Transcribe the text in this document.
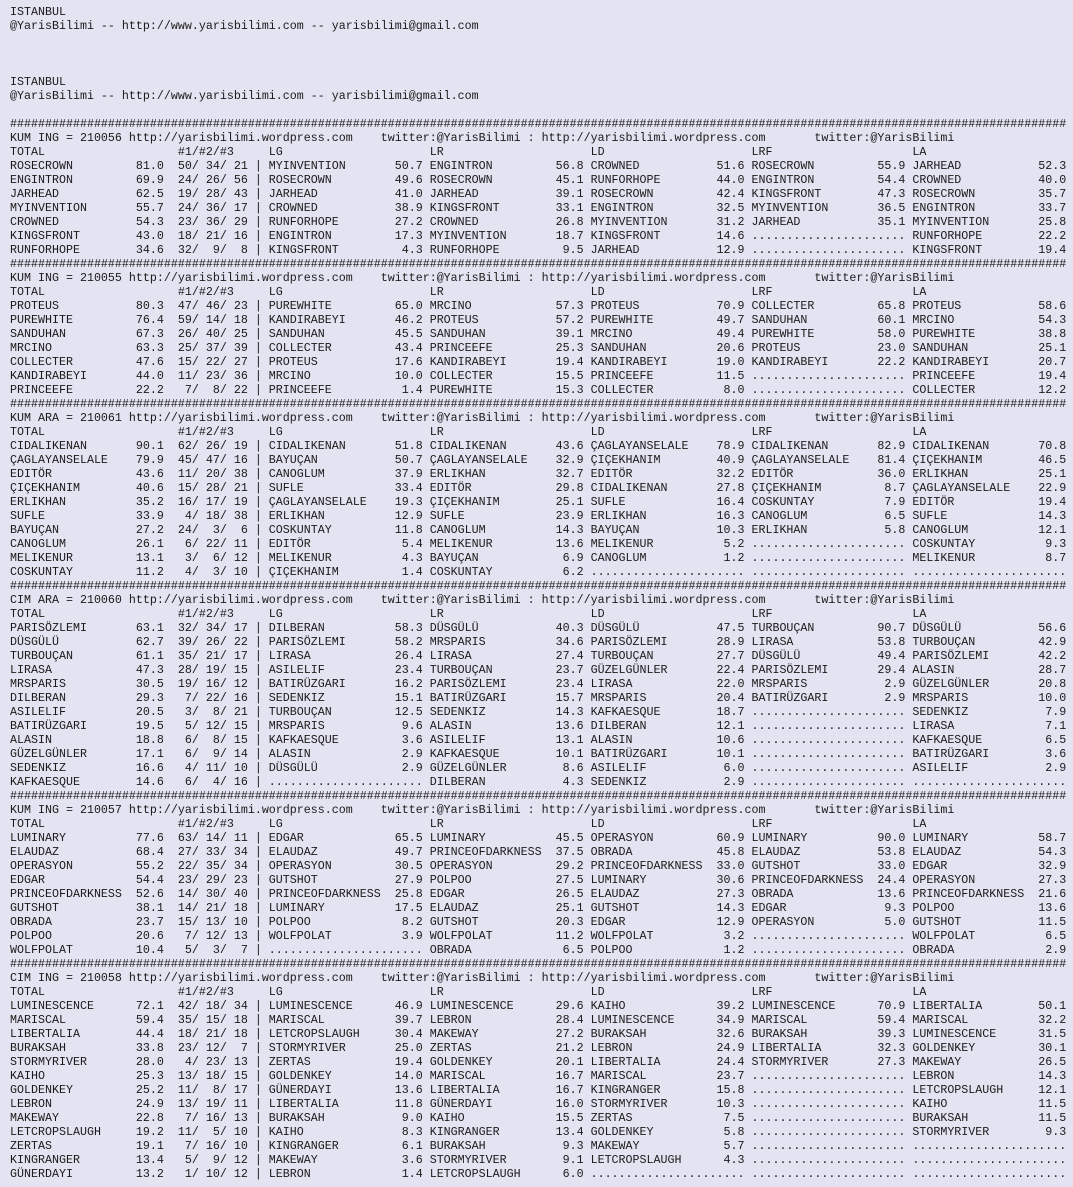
ISTANBUL
@YarisBilimi -- http://www.yarisbilimi.com -- yarisbilimi@gmail.com
ISTANBUL
@YarisBilimi -- http://www.yarisbilimi.com -- yarisbilimi@gmail.com
#######################################################################################################################################################
KUM ING = 210056 http://yarisbilimi.wordpress.com    twitter:@YarisBilimi : http://yarisbilimi.wordpress.com       twitter:@YarisBilimi
TOTAL                   #1/#2/#3     LG                     LR                     LD                     LRF                    LA
ROSECROWN         81.0  50/ 34/ 21 | MYINVENTION       50.7 ENGINTRON         56.8 CROWNED           51.6 ROSECROWN         55.9 JARHEAD           52.3
ENGINTRON         69.9  24/ 26/ 56 | ROSECROWN         49.6 ROSECROWN         45.1 RUNFORHOPE        44.0 ENGINTRON         54.4 CROWNED           40.0
JARHEAD           62.5  19/ 28/ 43 | JARHEAD           41.0 JARHEAD           39.1 ROSECROWN         42.4 KINGSFRONT        47.3 ROSECROWN         35.7
MYINVENTION       55.7  24/ 36/ 17 | CROWNED           38.9 KINGSFRONT        33.1 ENGINTRON         32.5 MYINVENTION       36.5 ENGINTRON         33.7
CROWNED           54.3  23/ 36/ 29 | RUNFORHOPE        27.2 CROWNED           26.8 MYINVENTION       31.2 JARHEAD           35.1 MYINVENTION       25.8
KINGSFRONT        43.0  18/ 21/ 16 | ENGINTRON         17.3 MYINVENTION       18.7 KINGSFRONT        14.6 ...................... RUNFORHOPE        22.2
RUNFORHOPE        34.6  32/  9/  8 | KINGSFRONT         4.3 RUNFORHOPE         9.5 JARHEAD           12.9 ...................... KINGSFRONT        19.4
#######################################################################################################################################################
KUM ING = 210055 http://yarisbilimi.wordpress.com    twitter:@YarisBilimi : http://yarisbilimi.wordpress.com       twitter:@YarisBilimi
TOTAL                   #1/#2/#3     LG                     LR                     LD                     LRF                    LA
PROTEUS           80.3  47/ 46/ 23 | PUREWHITE         65.0 MRCINO            57.3 PROTEUS           70.9 COLLECTER         65.8 PROTEUS           58.6
PUREWHITE         76.4  59/ 14/ 18 | KANDIRABEYI       46.2 PROTEUS           57.2 PUREWHITE         49.7 SANDUHAN          60.1 MRCINO            54.3
SANDUHAN          67.3  26/ 40/ 25 | SANDUHAN          45.5 SANDUHAN          39.1 MRCINO            49.4 PUREWHITE         58.0 PUREWHITE         38.8
MRCINO            63.3  25/ 37/ 39 | COLLECTER         43.4 PRINCEEFE         25.3 SANDUHAN          20.6 PROTEUS           23.0 SANDUHAN          25.1
COLLECTER         47.6  15/ 22/ 27 | PROTEUS           17.6 KANDIRABEYI       19.4 KANDIRABEYI       19.0 KANDIRABEYI       22.2 KANDIRABEYI       20.7
KANDIRABEYI       44.0  11/ 23/ 36 | MRCINO            10.0 COLLECTER         15.5 PRINCEEFE         11.5 ...................... PRINCEEFE         19.4
PRINCEEFE         22.2   7/  8/ 22 | PRINCEEFE          1.4 PUREWHITE         15.3 COLLECTER          8.0 ...................... COLLECTER         12.2
#######################################################################################################################################################
KUM ARA = 210061 http://yarisbilimi.wordpress.com    twitter:@YarisBilimi : http://yarisbilimi.wordpress.com       twitter:@YarisBilimi
TOTAL                   #1/#2/#3     LG                     LR                     LD                     LRF                    LA
CIDALIKENAN       90.1  62/ 26/ 19 | CIDALIKENAN       51.8 CIDALIKENAN       43.6 ÇAGLAYANSELALE    78.9 CIDALIKENAN       82.9 CIDALIKENAN       70.8
ÇAGLAYANSELALE    79.9  45/ 47/ 16 | BAYUÇAN           50.7 ÇAGLAYANSELALE    32.9 ÇIÇEKHANIM        40.9 ÇAGLAYANSELALE    81.4 ÇIÇEKHANIM        46.5
EDITÖR            43.6  11/ 20/ 38 | CANOGLUM          37.9 ERLIKHAN          32.7 EDITÖR            32.2 EDITÖR            36.0 ERLIKHAN          25.1
ÇIÇEKHANIM        40.6  15/ 28/ 21 | SUFLE             33.4 EDITÖR            29.8 CIDALIKENAN       27.8 ÇIÇEKHANIM         8.7 ÇAGLAYANSELALE    22.9
ERLIKHAN          35.2  16/ 17/ 19 | ÇAGLAYANSELALE    19.3 ÇIÇEKHANIM        25.1 SUFLE             16.4 COSKUNTAY          7.9 EDITÖR            19.4
SUFLE             33.9   4/ 18/ 38 | ERLIKHAN          12.9 SUFLE             23.9 ERLIKHAN          16.3 CANOGLUM           6.5 SUFLE             14.3
BAYUÇAN           27.2  24/  3/  6 | COSKUNTAY         11.8 CANOGLUM          14.3 BAYUÇAN           10.3 ERLIKHAN           5.8 CANOGLUM          12.1
CANOGLUM          26.1   6/ 22/ 11 | EDITÖR             5.4 MELIKENUR         13.6 MELIKENUR          5.2 ...................... COSKUNTAY          9.3
MELIKENUR         13.1   3/  6/ 12 | MELIKENUR          4.3 BAYUÇAN            6.9 CANOGLUM           1.2 ...................... MELIKENUR          8.7
COSKUNTAY         11.2   4/  3/ 10 | ÇIÇEKHANIM         1.4 COSKUNTAY          6.2 ...................... ...................... ......................
#######################################################################################################################################################
CIM ARA = 210060 http://yarisbilimi.wordpress.com    twitter:@YarisBilimi : http://yarisbilimi.wordpress.com       twitter:@YarisBilimi
TOTAL                   #1/#2/#3     LG                     LR                     LD                     LRF                    LA
PARISÖZLEMI       63.1  32/ 34/ 17 | DILBERAN          58.3 DÜSGÜLÜ           40.3 DÜSGÜLÜ           47.5 TURBOUÇAN         90.7 DÜSGÜLÜ           56.6
DÜSGÜLÜ           62.7  39/ 26/ 22 | PARISÖZLEMI       58.2 MRSPARIS          34.6 PARISÖZLEMI       28.9 LIRASA            53.8 TURBOUÇAN         42.9
TURBOUÇAN         61.1  35/ 21/ 17 | LIRASA            26.4 LIRASA            27.4 TURBOUÇAN         27.7 DÜSGÜLÜ           49.4 PARISÖZLEMI       42.2
LIRASA            47.3  28/ 19/ 15 | ASILELIF          23.4 TURBOUÇAN         23.7 GÜZELGÜNLER       22.4 PARISÖZLEMI       29.4 ALASIN            28.7
MRSPARIS          30.5  19/ 16/ 12 | BATIRÜZGARI       16.2 PARISÖZLEMI       23.4 LIRASA            22.0 MRSPARIS           2.9 GÜZELGÜNLER       20.8
DILBERAN          29.3   7/ 22/ 16 | SEDENKIZ          15.1 BATIRÜZGARI       15.7 MRSPARIS          20.4 BATIRÜZGARI        2.9 MRSPARIS          10.0
ASILELIF          20.5   3/  8/ 21 | TURBOUÇAN         12.5 SEDENKIZ          14.3 KAFKAESQUE        18.7 ...................... SEDENKIZ           7.9
BATIRÜZGARI       19.5   5/ 12/ 15 | MRSPARIS           9.6 ALASIN            13.6 DILBERAN          12.1 ...................... LIRASA             7.1
ALASIN            18.8   6/  8/ 15 | KAFKAESQUE         3.6 ASILELIF          13.1 ALASIN            10.6 ...................... KAFKAESQUE         6.5
GÜZELGÜNLER       17.1   6/  9/ 14 | ALASIN             2.9 KAFKAESQUE        10.1 BATIRÜZGARI       10.1 ...................... BATIRÜZGARI        3.6
SEDENKIZ          16.6   4/ 11/ 10 | DÜSGÜLÜ            2.9 GÜZELGÜNLER        8.6 ASILELIF           6.0 ...................... ASILELIF           2.9
KAFKAESQUE        14.6   6/  4/ 16 | ...................... DILBERAN           4.3 SEDENKIZ           2.9 ...................... ......................
#######################################################################################################################################################
KUM ING = 210057 http://yarisbilimi.wordpress.com    twitter:@YarisBilimi : http://yarisbilimi.wordpress.com       twitter:@YarisBilimi
TOTAL                   #1/#2/#3     LG                     LR                     LD                     LRF                    LA
LUMINARY          77.6  63/ 14/ 11 | EDGAR             65.5 LUMINARY          45.5 OPERASYON         60.9 LUMINARY          90.0 LUMINARY          58.7
ELAUDAZ           68.4  27/ 33/ 34 | ELAUDAZ           49.7 PRINCEOFDARKNESS  37.5 OBRADA            45.8 ELAUDAZ           53.8 ELAUDAZ           54.3
OPERASYON         55.2  22/ 35/ 34 | OPERASYON         30.5 OPERASYON         29.2 PRINCEOFDARKNESS  33.0 GUTSHOT           33.0 EDGAR             32.9
EDGAR             54.4  23/ 29/ 23 | GUTSHOT           27.9 POLPOO            27.5 LUMINARY          30.6 PRINCEOFDARKNESS  24.4 OPERASYON         27.3
PRINCEOFDARKNESS  52.6  14/ 30/ 40 | PRINCEOFDARKNESS  25.8 EDGAR             26.5 ELAUDAZ           27.3 OBRADA            13.6 PRINCEOFDARKNESS  21.6
GUTSHOT           38.1  14/ 21/ 18 | LUMINARY          17.5 ELAUDAZ           25.1 GUTSHOT           14.3 EDGAR              9.3 POLPOO            13.6
OBRADA            23.7  15/ 13/ 10 | POLPOO             8.2 GUTSHOT           20.3 EDGAR             12.9 OPERASYON          5.0 GUTSHOT           11.5
POLPOO            20.6   7/ 12/ 13 | WOLFPOLAT          3.9 WOLFPOLAT         11.2 WOLFPOLAT          3.2 ...................... WOLFPOLAT          6.5
WOLFPOLAT         10.4   5/  3/  7 | ...................... OBRADA             6.5 POLPOO             1.2 ...................... OBRADA             2.9
#######################################################################################################################################################
CIM ING = 210058 http://yarisbilimi.wordpress.com    twitter:@YarisBilimi : http://yarisbilimi.wordpress.com       twitter:@YarisBilimi
TOTAL                   #1/#2/#3     LG                     LR                     LD                     LRF                    LA
LUMINESCENCE      72.1  42/ 18/ 34 | LUMINESCENCE      46.9 LUMINESCENCE      29.6 KAIHO             39.2 LUMINESCENCE      70.9 LIBERTALIA        50.1
MARISCAL          59.4  35/ 15/ 18 | MARISCAL          39.7 LEBRON            28.4 LUMINESCENCE      34.9 MARISCAL          59.4 MARISCAL          32.2
LIBERTALIA        44.4  18/ 21/ 18 | LETCROPSLAUGH     30.4 MAKEWAY           27.2 BURAKSAH          32.6 BURAKSAH          39.3 LUMINESCENCE      31.5
BURAKSAH          33.8  23/ 12/  7 | STORMYRIVER       25.0 ZERTAS            21.2 LEBRON            24.9 LIBERTALIA        32.3 GOLDENKEY         30.1
STORMYRIVER       28.0   4/ 23/ 13 | ZERTAS            19.4 GOLDENKEY         20.1 LIBERTALIA        24.4 STORMYRIVER       27.3 MAKEWAY           26.5
KAIHO             25.3  13/ 18/ 15 | GOLDENKEY         14.0 MARISCAL          16.7 MARISCAL          23.7 ...................... LEBRON            14.3
GOLDENKEY         25.2  11/  8/ 17 | GÜNERDAYI         13.6 LIBERTALIA        16.7 KINGRANGER        15.8 ...................... LETCROPSLAUGH     12.1
LEBRON            24.9  13/ 19/ 11 | LIBERTALIA        11.8 GÜNERDAYI         16.0 STORMYRIVER       10.3 ...................... KAIHO             11.5
MAKEWAY           22.8   7/ 16/ 13 | BURAKSAH           9.0 KAIHO             15.5 ZERTAS             7.5 ...................... BURAKSAH          11.5
LETCROPSLAUGH     19.2  11/  5/ 10 | KAIHO              8.3 KINGRANGER        13.4 GOLDENKEY          5.8 ...................... STORMYRIVER        9.3
ZERTAS            19.1   7/ 16/ 10 | KINGRANGER         6.1 BURAKSAH           9.3 MAKEWAY            5.7 ...................... ......................
KINGRANGER        13.4   5/  9/ 12 | MAKEWAY            3.6 STORMYRIVER        9.1 LETCROPSLAUGH      4.3 ...................... ......................
GÜNERDAYI         13.2   1/ 10/ 12 | LEBRON             1.4 LETCROPSLAUGH      6.0 ...................... ...................... ......................
